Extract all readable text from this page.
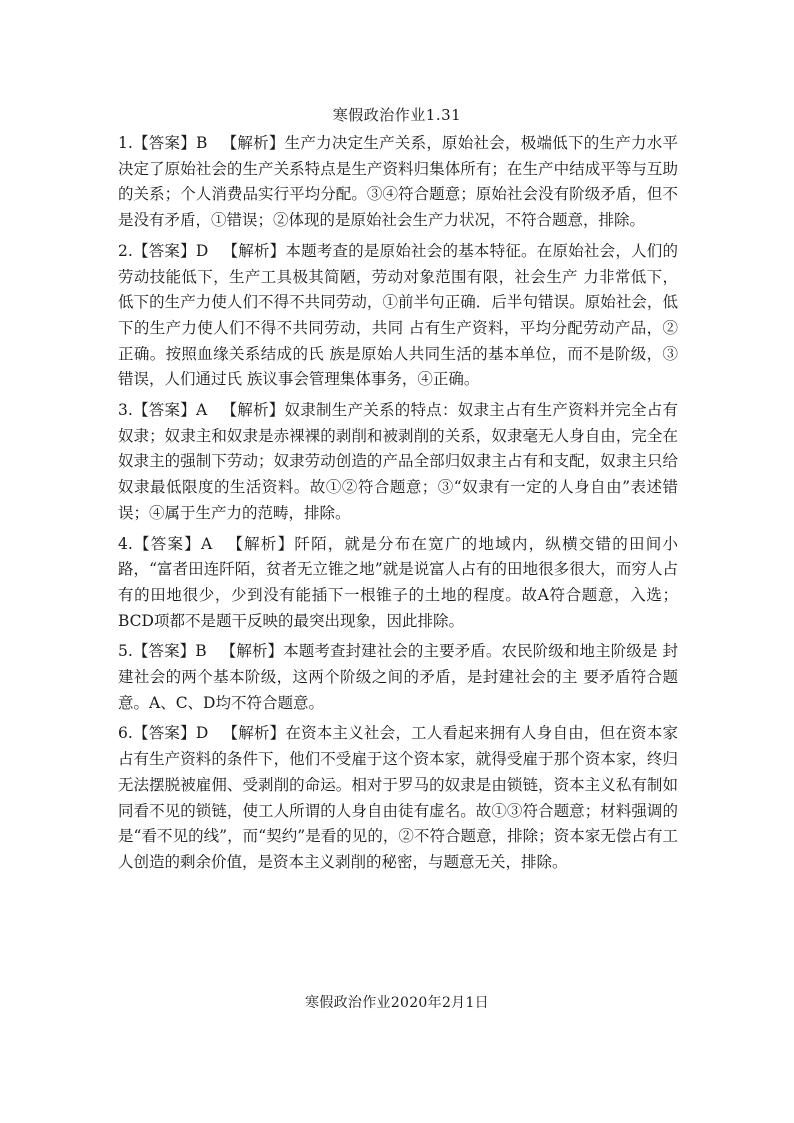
寒假政治作业1.31

1.【答案】B 【解析】生产力决定生产关系，原始社会，极端低下的生产力水平决定了原始社会的生产关系特点是生产资料归集体所有；在生产中结成平等与互助的关系；个人消费品实行平均分配。③④符合题意；原始社会没有阶级矛盾，但不是没有矛盾，①错误；②体现的是原始社会生产力状况，不符合题意，排除。

2.【答案】D 【解析】本题考查的是原始社会的基本特征。在原始社会，人们的劳动技能低下，生产工具极其简陋，劳动对象范围有限，社会生产 力非常低下，低下的生产力使人们不得不共同劳动，①前半句正确．后半句错误。原始社会，低下的生产力使人们不得不共同劳动，共同 占有生产资料，平均分配劳动产品，②正确。按照血缘关系结成的氏 族是原始人共同生活的基本单位，而不是阶级，③错误，人们通过氏 族议事会管理集体事务，④正确。

3.【答案】A 【解析】奴隶制生产关系的特点：奴隶主占有生产资料并完全占有奴隶；奴隶主和奴隶是赤裸裸的剥削和被剥削的关系，奴隶毫无人身自由，完全在奴隶主的强制下劳动；奴隶劳动创造的产品全部归奴隶主占有和支配，奴隶主只给奴隶最低限度的生活资料。故①②符合题意；③“奴隶有一定的人身自由”表述错误；④属于生产力的范畴，排除。

4.【答案】A 【解析】阡陌，就是分布在宽广的地域内，纵横交错的田间小路，“富者田连阡陌，贫者无立锥之地”就是说富人占有的田地很多很大，而穷人占有的田地很少，少到没有能插下一根锥子的土地的程度。故A符合题意，入选；BCD项都不是题干反映的最突出现象，因此排除。

5.【答案】B 【解析】本题考查封建社会的主要矛盾。农民阶级和地主阶级是 封建社会的两个基本阶级，这两个阶级之间的矛盾，是封建社会的主 要矛盾符合题意。A、C、D均不符合题意。

6.【答案】D 【解析】在资本主义社会，工人看起来拥有人身自由，但在资本家占有生产资料的条件下，他们不受雇于这个资本家，就得受雇于那个资本家，终归无法摆脱被雇佣、受剥削的命运。相对于罗马的奴隶是由锁链，资本主义私有制如同看不见的锁链，使工人所谓的人身自由徒有虚名。故①③符合题意；材料强调的是“看不见的线”，而“契约”是看的见的，②不符合题意，排除；资本家无偿占有工人创造的剩余价值，是资本主义剥削的秘密，与题意无关，排除。

寒假政治作业2020年2月1日
